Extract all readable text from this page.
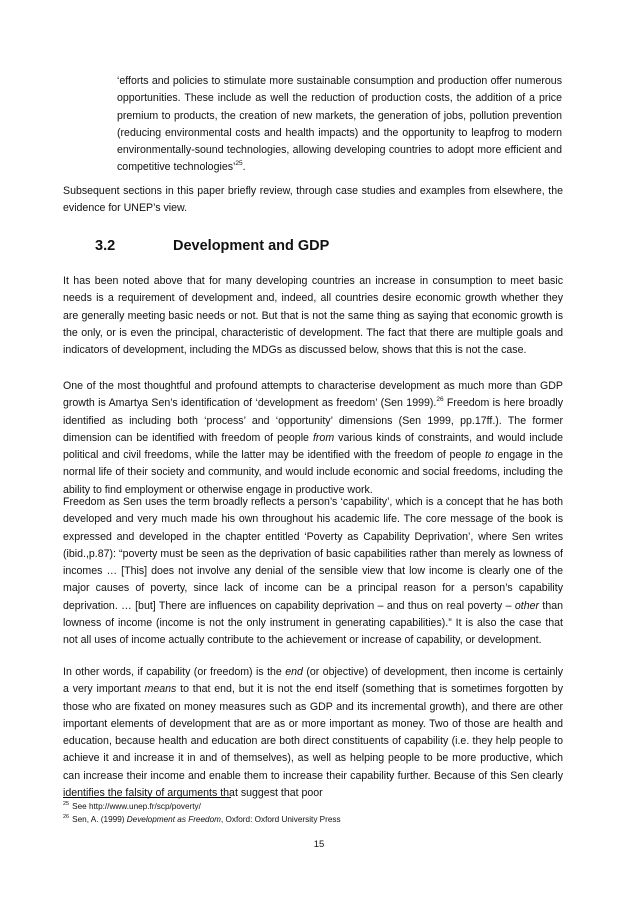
‘efforts and policies to stimulate more sustainable consumption and production offer numerous opportunities. These include as well the reduction of production costs, the addition of a price premium to products, the creation of new markets, the generation of jobs, pollution prevention (reducing environmental costs and health impacts) and the opportunity to leapfrog to modern environmentally-sound technologies, allowing developing countries to adopt more efficient and competitive technologies’$^{25}$.

Subsequent sections in this paper briefly review, through case studies and examples from elsewhere, the evidence for UNEP’s view.

3.2	Development and GDP

It has been noted above that for many developing countries an increase in consumption to meet basic needs is a requirement of development and, indeed, all countries desire economic growth whether they are generally meeting basic needs or not. But that is not the same thing as saying that economic growth is the only, or is even the principal, characteristic of development. The fact that there are multiple goals and indicators of development, including the MDGs as discussed below, shows that this is not the case.

One of the most thoughtful and profound attempts to characterise development as much more than GDP growth is Amartya Sen’s identification of ‘development as freedom’ (Sen 1999).$^{26}$ Freedom is here broadly identified as including both ‘process’ and ‘opportunity’ dimensions (Sen 1999, pp.17ff.). The former dimension can be identified with freedom of people from various kinds of constraints, and would include political and civil freedoms, while the latter may be identified with the freedom of people to engage in the normal life of their society and community, and would include economic and social freedoms, including the ability to find employment or otherwise engage in productive work.

Freedom as Sen uses the term broadly reflects a person’s ‘capability’, which is a concept that he has both developed and very much made his own throughout his academic life. The core message of the book is expressed and developed in the chapter entitled ‘Poverty as Capability Deprivation’, where Sen writes (ibid.,p.87): “poverty must be seen as the deprivation of basic capabilities rather than merely as lowness of incomes … [This] does not involve any denial of the sensible view that low income is clearly one of the major causes of poverty, since lack of income can be a principal reason for a person’s capability deprivation. … [but] There are influences on capability deprivation – and thus on real poverty – other than lowness of income (income is not the only instrument in generating capabilities).” It is also the case that not all uses of income actually contribute to the achievement or increase of capability, or development.

In other words, if capability (or freedom) is the end (or objective) of development, then income is certainly a very important means to that end, but it is not the end itself (something that is sometimes forgotten by those who are fixated on money measures such as GDP and its incremental growth), and there are other important elements of development that are as or more important as money. Two of those are health and education, because health and education are both direct constituents of capability (i.e. they help people to achieve it and increase it in and of themselves), as well as helping people to be more productive, which can increase their income and enable them to increase their capability further. Because of this Sen clearly identifies the falsity of arguments that suggest that poor

$^{25}$ See http://www.unep.fr/scp/poverty/

$^{26}$ Sen, A. (1999) Development as Freedom, Oxford: Oxford University Press

15
